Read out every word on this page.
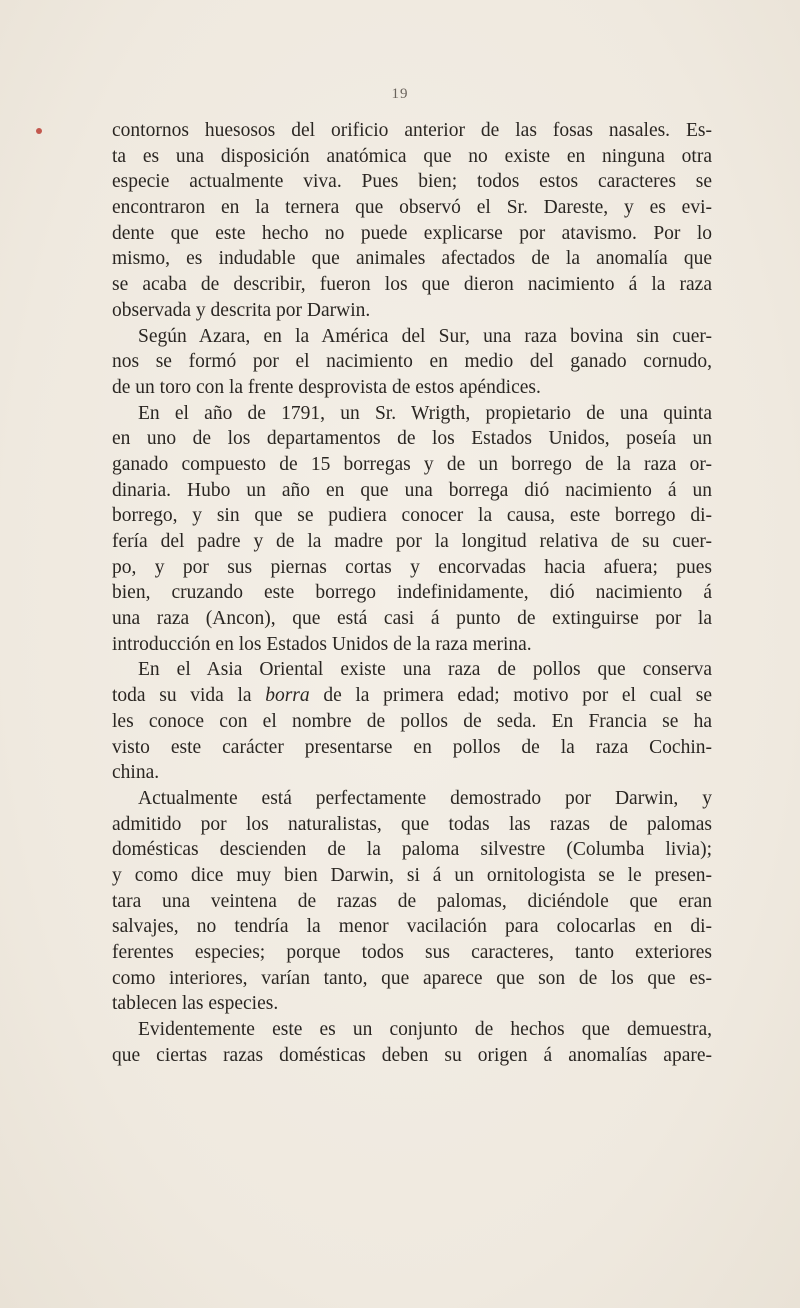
19
contornos huesosos del orificio anterior de las fosas nasales. Es-
ta es una disposición anatómica que no existe en ninguna otra
especie actualmente viva. Pues bien; todos estos caracteres se
encontraron en la ternera que observó el Sr. Dareste, y es evi-
dente que este hecho no puede explicarse por atavismo. Por lo
mismo, es indudable que animales afectados de la anomalía que
se acaba de describir, fueron los que dieron nacimiento á la raza
observada y descrita por Darwin.
Según Azara, en la América del Sur, una raza bovina sin cuer-
nos se formó por el nacimiento en medio del ganado cornudo,
de un toro con la frente desprovista de estos apéndices.
En el año de 1791, un Sr. Wrigth, propietario de una quinta
en uno de los departamentos de los Estados Unidos, poseía un
ganado compuesto de 15 borregas y de un borrego de la raza or-
dinaria. Hubo un año en que una borrega dió nacimiento á un
borrego, y sin que se pudiera conocer la causa, este borrego di-
fería del padre y de la madre por la longitud relativa de su cuer-
po, y por sus piernas cortas y encorvadas hacia afuera; pues
bien, cruzando este borrego indefinidamente, dió nacimiento á
una raza (Ancon), que está casi á punto de extinguirse por la
introducción en los Estados Unidos de la raza merina.
En el Asia Oriental existe una raza de pollos que conserva
toda su vida la borra de la primera edad; motivo por el cual se
les conoce con el nombre de pollos de seda. En Francia se ha
visto este carácter presentarse en pollos de la raza Cochin-
china.
Actualmente está perfectamente demostrado por Darwin, y
admitido por los naturalistas, que todas las razas de palomas
domésticas descienden de la paloma silvestre (Columba livia);
y como dice muy bien Darwin, si á un ornitologista se le presen-
tara una veintena de razas de palomas, diciéndole que eran
salvajes, no tendría la menor vacilación para colocarlas en di-
ferentes especies; porque todos sus caracteres, tanto exteriores
como interiores, varían tanto, que aparece que son de los que es-
tablecen las especies.
Evidentemente este es un conjunto de hechos que demuestra,
que ciertas razas domésticas deben su origen á anomalías apare-
